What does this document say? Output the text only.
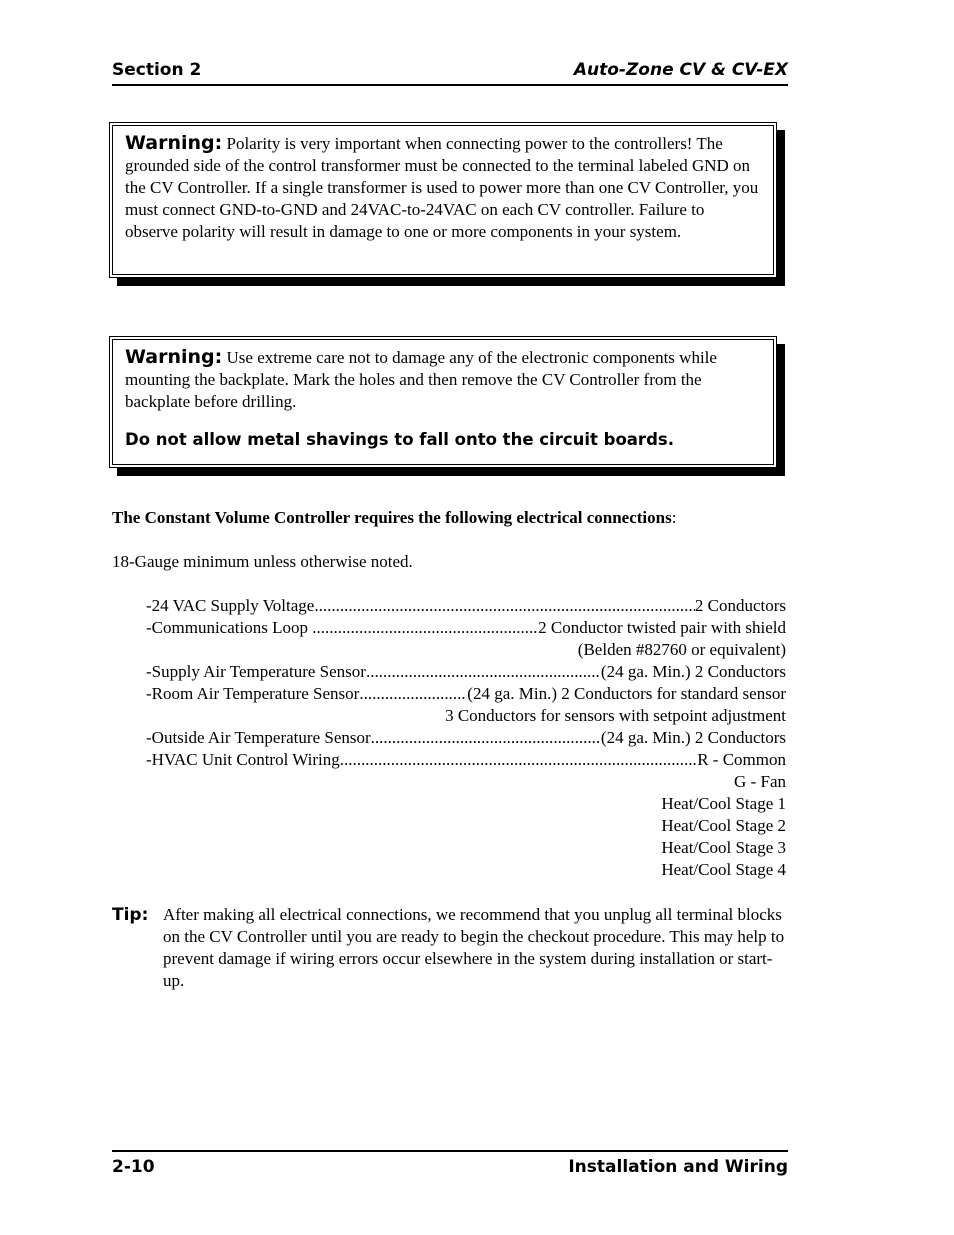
Section 2	Auto-Zone CV & CV-EX
Warning: Polarity is very important when connecting power to the controllers! The grounded side of the control transformer must be connected to the terminal labeled GND on the CV Controller. If a single transformer is used to power more than one CV Controller, you must connect GND-to-GND and 24VAC-to-24VAC on each CV controller. Failure to observe polarity will result in damage to one or more components in your system.
Warning: Use extreme care not to damage any of the electronic components while mounting the backplate. Mark the holes and then remove the CV Controller from the backplate before drilling.
Do not allow metal shavings to fall onto the circuit boards.
The Constant Volume Controller requires the following electrical connections:
18-Gauge minimum unless otherwise noted.
-24 VAC Supply Voltage .....	2 Conductors
-Communications Loop .....	2 Conductor twisted pair with shield
(Belden #82760 or equivalent)
-Supply Air Temperature Sensor .....	(24 ga. Min.) 2 Conductors
-Room Air Temperature Sensor .....	(24 ga. Min.) 2 Conductors for standard sensor
3 Conductors for sensors with setpoint adjustment
-Outside Air Temperature Sensor .....	(24 ga. Min.) 2 Conductors
-HVAC Unit Control Wiring .....	R - Common
G - Fan
Heat/Cool Stage 1
Heat/Cool Stage 2
Heat/Cool Stage 3
Heat/Cool Stage 4
Tip: After making all electrical connections, we recommend that you unplug all terminal blocks on the CV Controller until you are ready to begin the checkout procedure. This may help to prevent damage if wiring errors occur elsewhere in the system during installation or start-up.
2-10	Installation and Wiring
